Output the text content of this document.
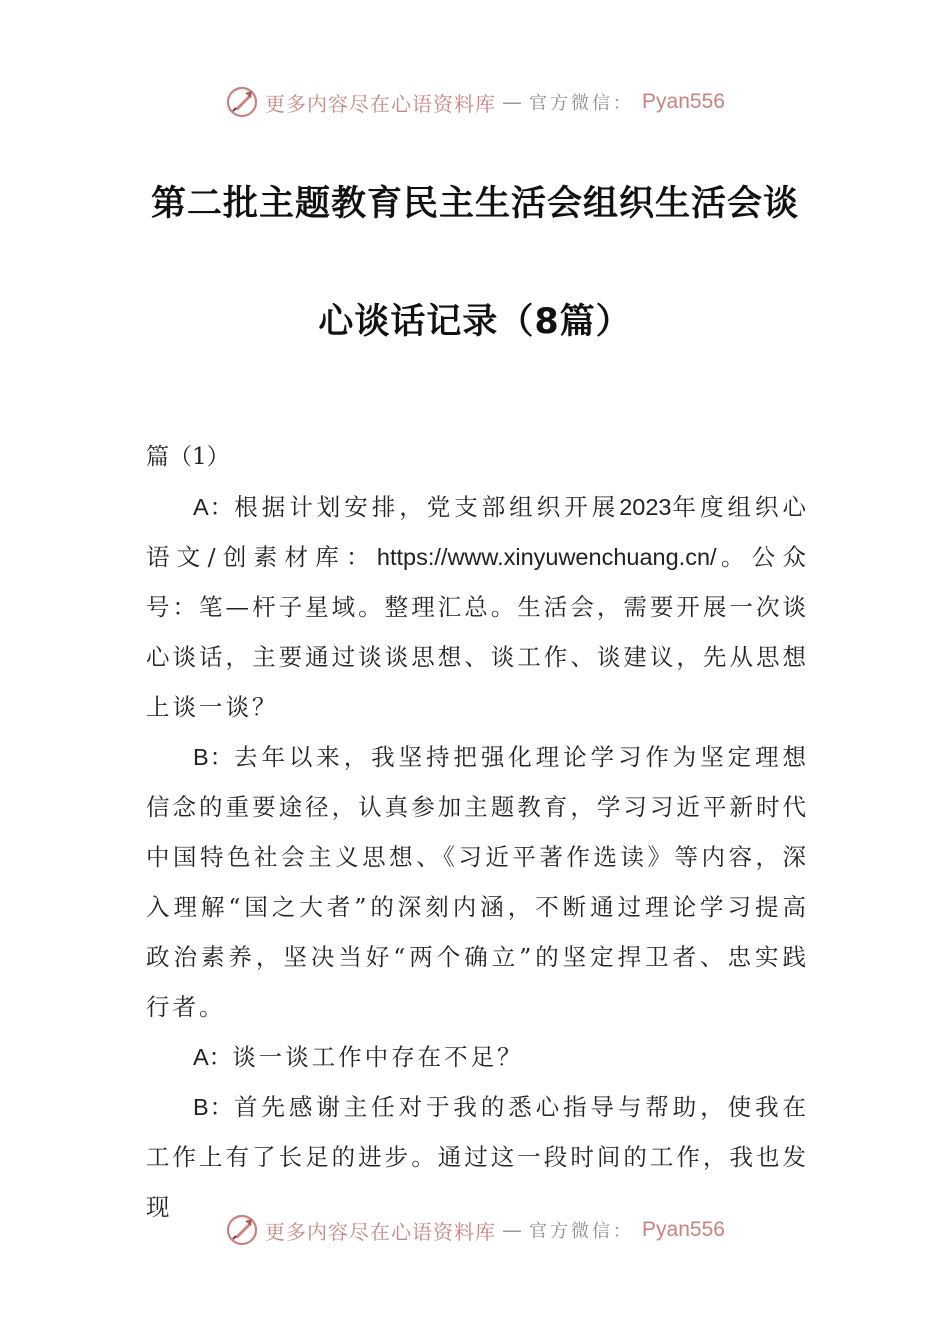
更多内容尽在心语资料库 — 官方微信： Pyan556
第二批主题教育民主生活会组织生活会谈
心谈话记录（8篇）
篇（1）

A：根据计划安排，党支部组织开展2023年度组织心语文/创素材库：https://www.xinyuwenchuang.cn/。公众号：笔—杆子星域。整理汇总。生活会，需要开展一次谈心谈话，主要通过谈谈思想、谈工作、谈建议，先从思想上谈一谈？

B：去年以来，我坚持把强化理论学习作为坚定理想信念的重要途径，认真参加主题教育，学习习近平新时代中国特色社会主义思想、《习近平著作选读》等内容，深入理解“国之大者”的深刻内涵，不断通过理论学习提高政治素养，坚决当好“两个确立”的坚定捍卫者、忠实践行者。

A：谈一谈工作中存在不足？

B：首先感谢主任对于我的悉心指导与帮助，使我在工作上有了长足的进步。通过这一段时间的工作，我也发现

更多内容尽在心语资料库 — 官方微信： Pyan556
